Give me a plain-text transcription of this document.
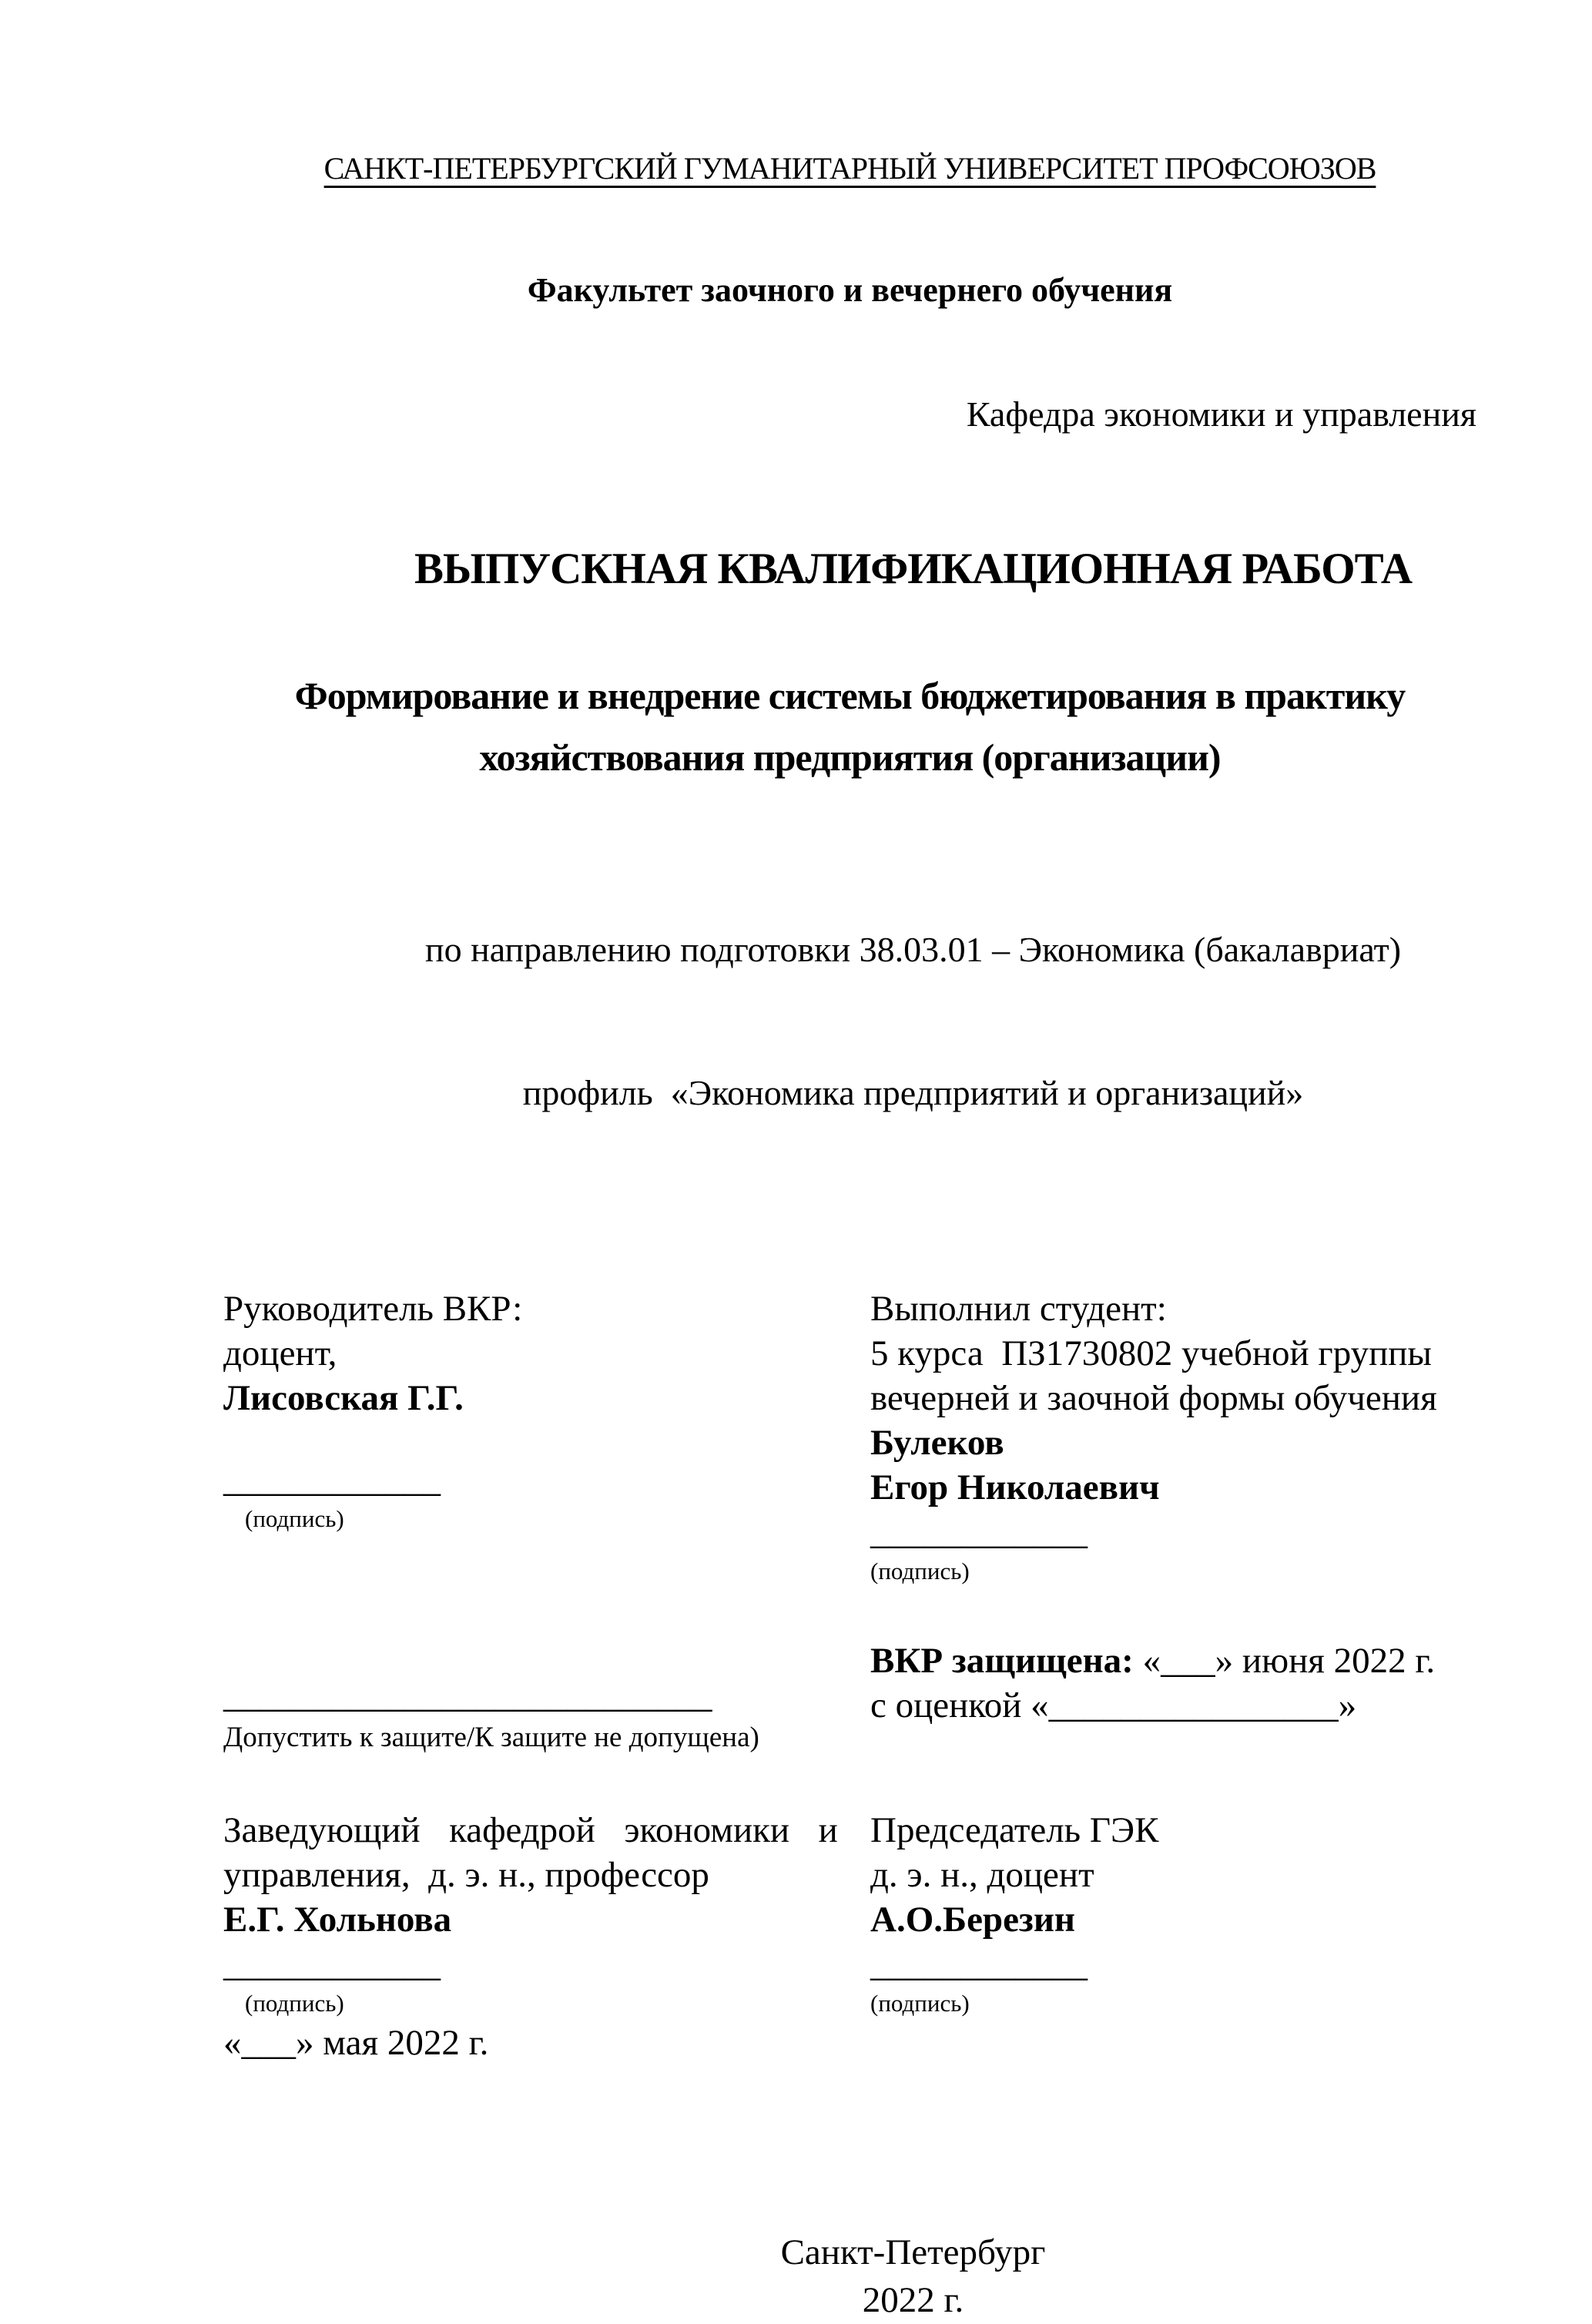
САНКТ-ПЕТЕРБУРГСКИЙ ГУМАНИТАРНЫЙ УНИВЕРСИТЕТ ПРОФСОЮЗОВ
Факультет заочного и вечернего обучения
Кафедра экономики и управления
ВЫПУСКНАЯ КВАЛИФИКАЦИОННАЯ РАБОТА
Формирование и внедрение системы бюджетирования в практику
хозяйствования предприятия (организации)

по направлению подготовки 38.03.01 – Экономика (бакалавриат)

профиль  «Экономика предприятий и организаций»

Руководитель ВКР:
доцент,
Лисовская Г.Г.
____________
(подпись)
___________________________
Допустить к защите/К защите не допущена)
Заведующий  кафедрой  экономики  и
управления,  д. э. н., профессор
Е.Г. Хольнова
____________
(подпись)
«___» мая 2022 г.
Выполнил студент:
5 курса  ПЗ1730802 учебной группы
вечерней и заочной формы обучения
Булеков
Егор Николаевич
____________
(подпись)
ВКР защищена: «___» июня 2022 г.
с оценкой «________________»
Председатель ГЭК
д. э. н., доцент
А.О.Березин
____________
(подпись)
Санкт-Петербург
2022 г.
